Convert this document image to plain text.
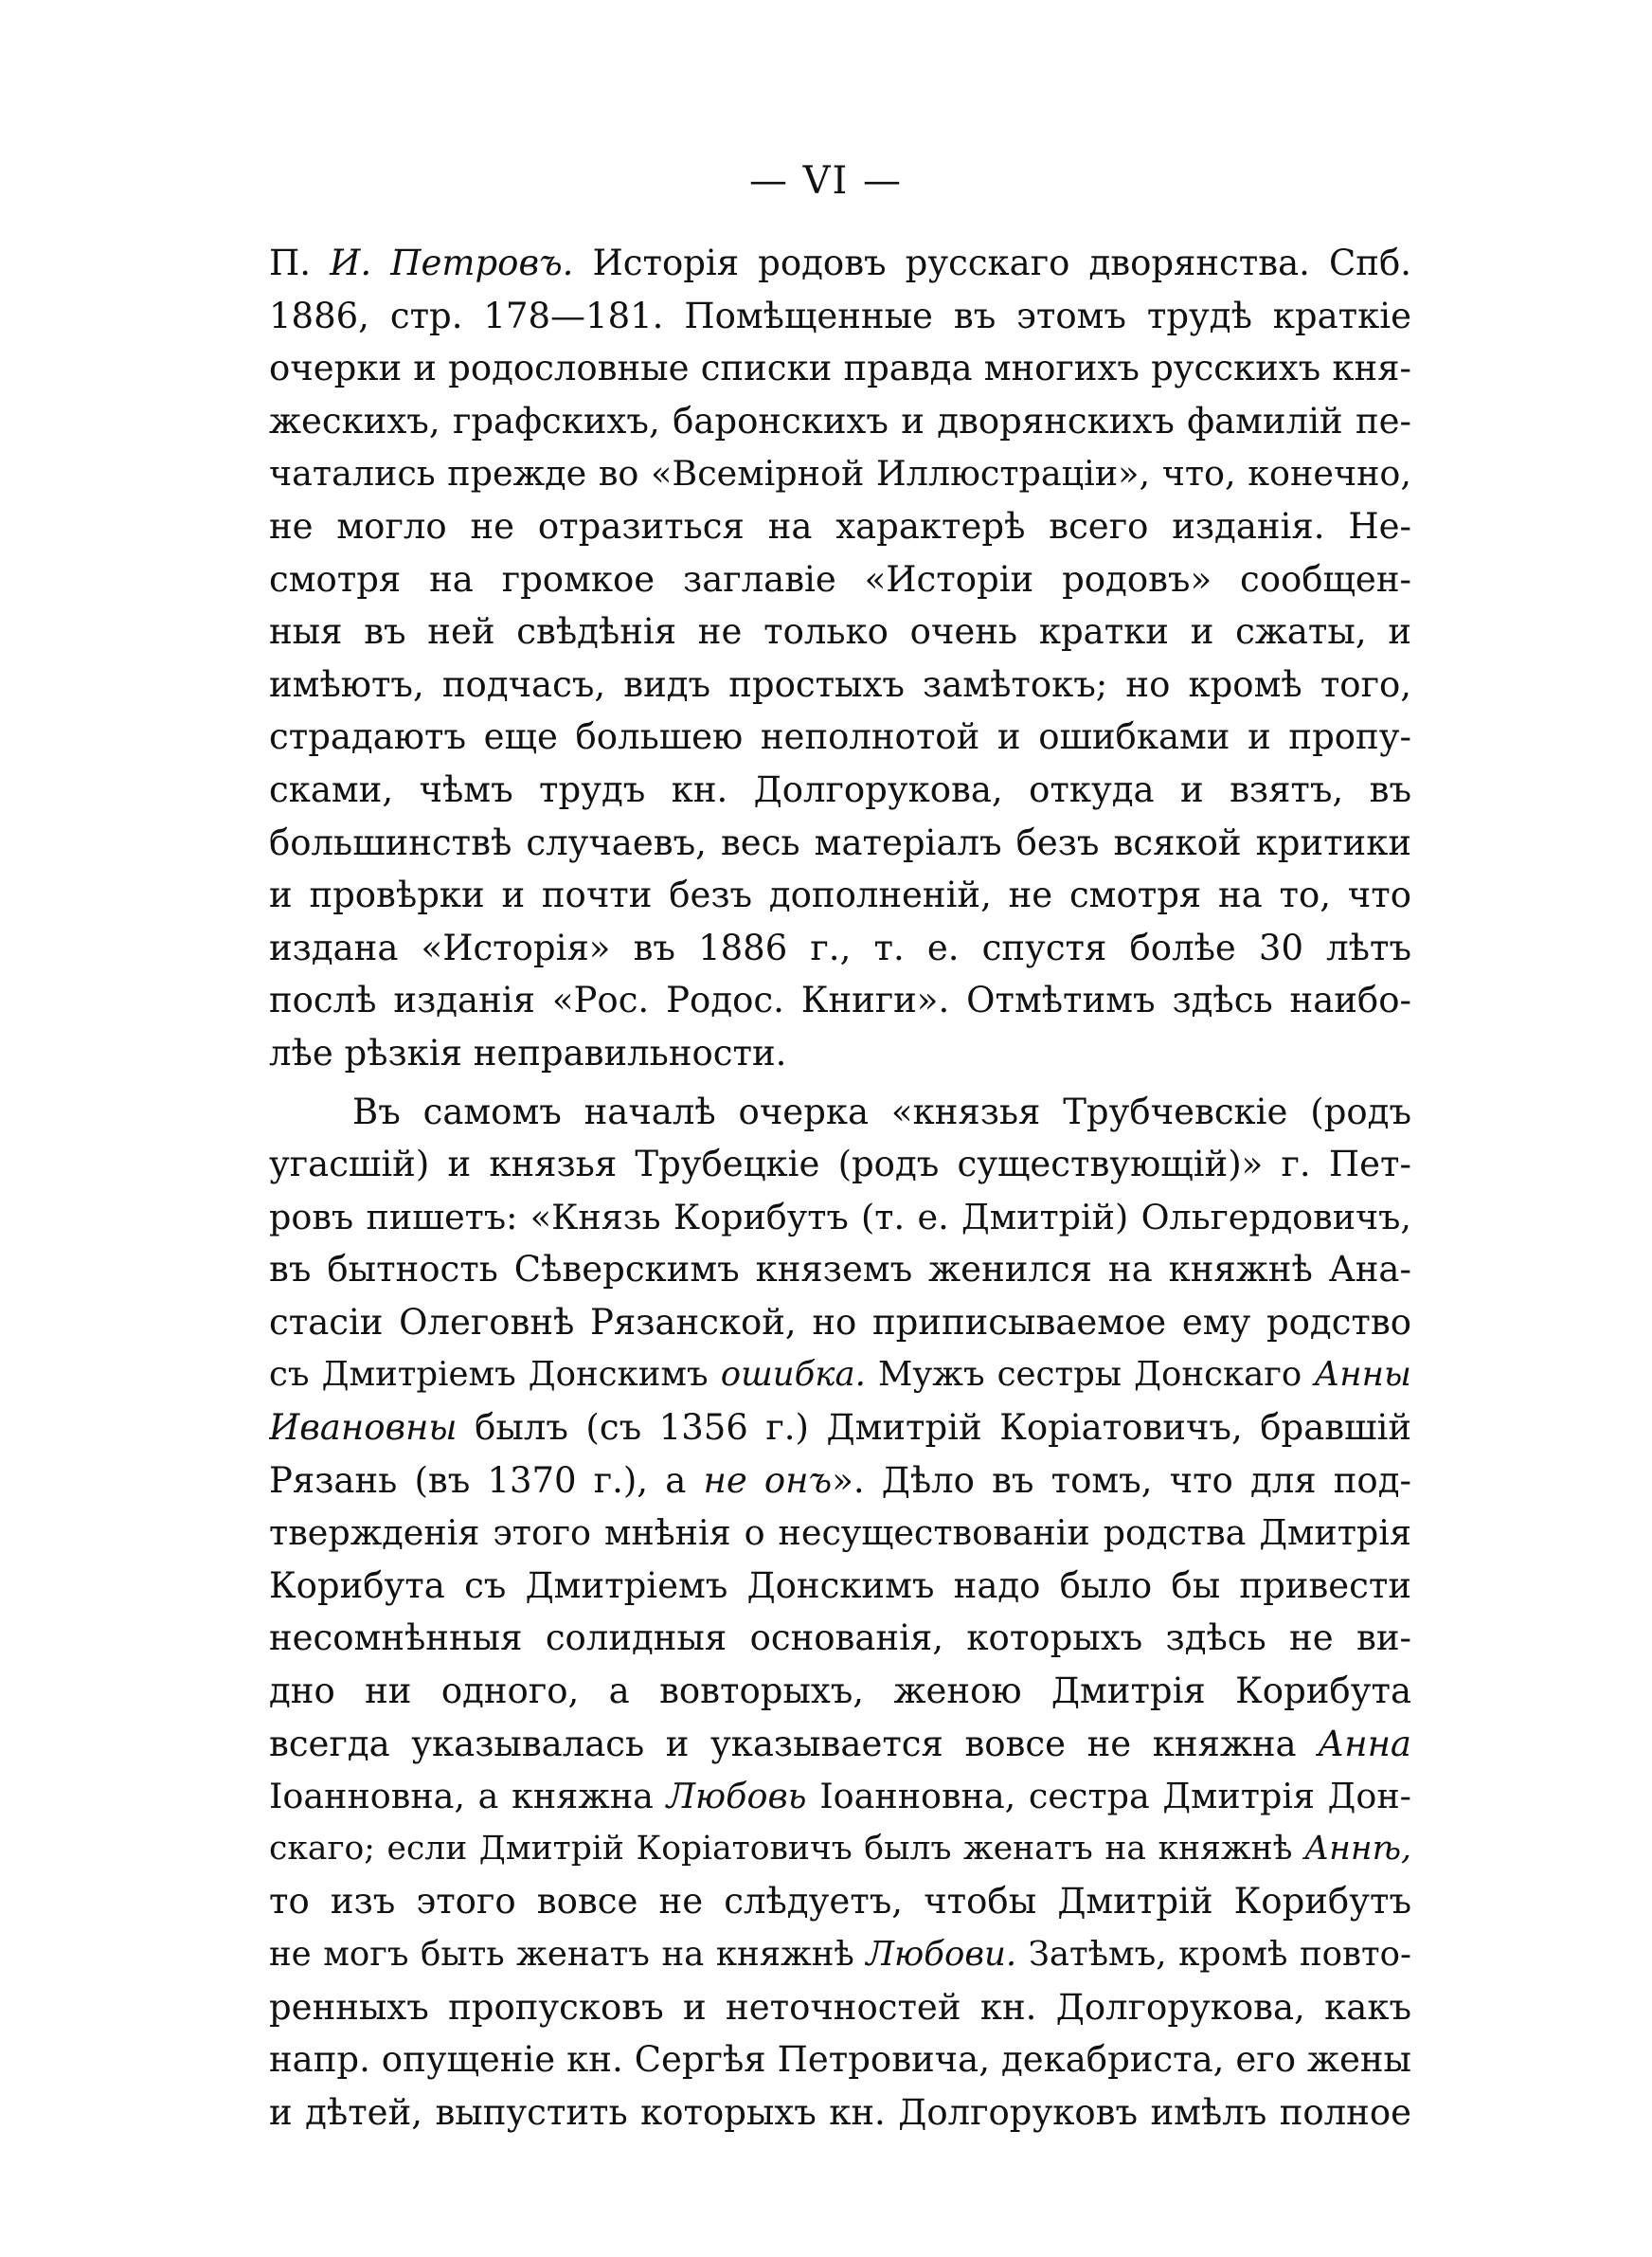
— VI —
П. И. Петровъ. Исторія родовъ русскаго дворянства. Спб.
1886, стр. 178—181. Помѣщенные въ этомъ трудѣ краткіе
очерки и родословные списки правда многихъ русскихъ кня-
жескихъ, графскихъ, баронскихъ и дворянскихъ фамилій пе-
чатались прежде во «Всемірной Иллюстраціи», что, конечно,
не могло не отразиться на характерѣ всего изданія. Не-
смотря на громкое заглавіе «Исторіи родовъ» сообщен-
ныя въ ней свѣдѣнія не только очень кратки и сжаты, и
имѣютъ, подчасъ, видъ простыхъ замѣтокъ; но кромѣ того,
страдаютъ еще большею неполнотой и ошибками и пропу-
сками, чѣмъ трудъ кн. Долгорукова, откуда и взятъ, въ
большинствѣ случаевъ, весь матеріалъ безъ всякой критики
и провѣрки и почти безъ дополненій, не смотря на то, что
издана «Исторія» въ 1886 г., т. е. спустя болѣе 30 лѣтъ
послѣ изданія «Рос. Родос. Книги». Отмѣтимъ здѣсь наибо-
лѣе рѣзкія неправильности.
Въ самомъ началѣ очерка «князья Трубчевскіе (родъ
угасшій) и князья Трубецкіе (родъ существующій)» г. Пет-
ровъ пишетъ: «Князь Корибутъ (т. е. Дмитрій) Ольгердовичъ,
въ бытность Сѣверскимъ княземъ женился на княжнѣ Ана-
стасіи Олеговнѣ Рязанской, но приписываемое ему родство
съ Дмитріемъ Донскимъ ошибка. Мужъ сестры Донскаго Анны
Ивановны былъ (съ 1356 г.) Дмитрій Коріатовичъ, бравшій
Рязань (въ 1370 г.), а не онъ». Дѣло въ томъ, что для под-
твержденія этого мнѣнія о несуществованіи родства Дмитрія
Корибута съ Дмитріемъ Донскимъ надо было бы привести
несомнѣнныя солидныя основанія, которыхъ здѣсь не ви-
дно ни одного, а вовторыхъ, женою Дмитрія Корибута
всегда указывалась и указывается вовсе не княжна Анна
Іоанновна, а княжна Любовь Іоанновна, сестра Дмитрія Дон-
скаго; если Дмитрій Коріатовичъ былъ женатъ на княжнѣ Аннѣ,
то изъ этого вовсе не слѣдуетъ, чтобы Дмитрій Корибутъ
не могъ быть женатъ на княжнѣ Любови. Затѣмъ, кромѣ повто-
ренныхъ пропусковъ и неточностей кн. Долгорукова, какъ
напр. опущеніе кн. Сергѣя Петровича, декабриста, его жены
и дѣтей, выпустить которыхъ кн. Долгоруковъ имѣлъ полное
